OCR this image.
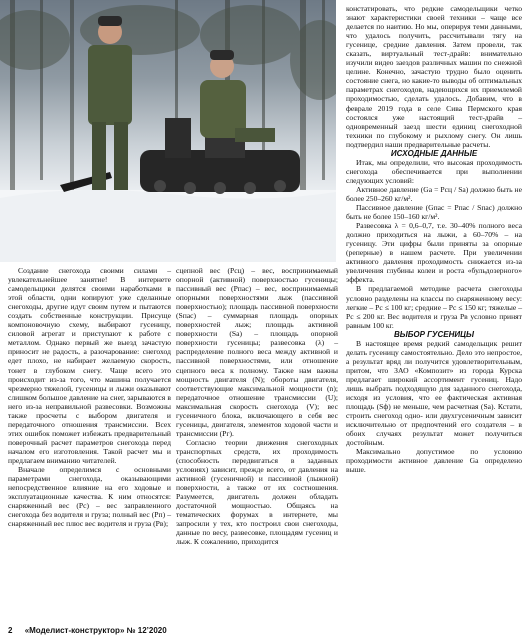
Создание снегохода своими силами – увлекательнейшее занятие! В интернете самодельщики делятся своими наработками в этой области, одни копируют уже сделанные снегоходы, другие идут своим путем и пытаются создать собственные конструкции. Присуще компоновочную схему, выбирают гусеницу, силовой агрегат и приступают к работе с металлом. Однако первый же выезд зачастую приносит не радость, а разочарование: снегоход едет плохо, не набирает желаемую скорость, тонет в глубоком снегу. Чаще всего это происходит из-за того, что машина получается чрезмерно тяжелой, гусеницы и лыжи оказывают слишком большое давление на снег, зарываются в него из-за неправильной развесовки. Возможны также просчеты с выбором двигателя и передаточного отношения трансмиссии. Всех этих ошибок поможет избежать предварительный поверочный расчет параметров снегохода перед началом его изготовления. Такой расчет мы и предлагаем вниманию читателей.

Вначале определимся с основными параметрами снегохода, оказывающими непосредственное влияние на его ходовые и эксплуатационные качества. К ним относятся: снаряженный вес (Pс) – вес заправленного снегохода без водителя и груза; полный вес (Pп) – снаряженный вес плюс вес водителя и груза (Pв);

сцепной вес (Pсц) – вес, воспринимаемый опорной (активной) поверхностью гусеницы; пассивный вес (Pпас) – вес, воспринимаемый опорными поверхностями лыж (пассивной поверхностью); площадь пассивной поверхности (Sпас) – суммарная площадь опорных поверхностей лыж; площадь активной поверхности (Sa) – площадь опорной поверхности гусеницы; развесовка (λ) – распределение полного веса между активной и пассивной поверхностями, или отношение сцепного веса к полному. Также нам важны мощность двигателя (N); обороты двигателя, соответствующие максимальной мощности (n); передаточное отношение трансмиссии (U); максимальная скорость снегохода (V); вес гусеничного блока, включающего в себя вес гусеницы, двигателя, элементов ходовой части и трансмиссии (Pг).

Согласно теории движения снегоходных транспортных средств, их проходимость (способность передвигаться в заданных условиях) зависит, прежде всего, от давления на активной (гусеничной) и пассивной (лыжной) поверхности, а также от их состношения. Разумеется, двигатель должен обладать достаточной мощностью. Общаясь на тематических форумах в интернете, мы запросили у тех, кто построил свои снегоходы, данные по весу, развесовке, площадям гусениц и лыж. К сожалению, приходится

констатировать, что редкие самодельщики четко знают характеристики своей техники – чаще все делается по наитию. Но мы, оперируя теми данными, что удалось получить, рассчитывали тягу на гусенице, средние давления. Затем провели, так сказать, виртуальный тест-драйв: внимательно изучили видео заездов различных машин по снежной целине. Конечно, зачастую трудно было оценить состояние снега, но какие-то выводы об оптимальных параметрах снегоходов, надеющихся их приемлемой проходимостью, сделать удалось. Добавим, что в феврале 2019 года в селе Сива Пермского края состоялся уже настоящий тест-драйв – одновременный заезд шести единиц снегоходной техники по глубокому и рыхлому снегу. Он лишь подтвердил наши предварительные расчеты.

ИСХОДНЫЕ ДАННЫЕ

Итак, мы определили, что высокая проходимость снегохода обеспечивается при выполнении следующих условий:

Активное давление (Ga = Pсц / Sa) должно быть не более 250–260 кг/м².

Пассивное давление (Gпас = Pпас / Sпас) должно быть не более 150–160 кг/м².

Развесовка λ = 0,6–0,7, т.е. 30–40% полного веса должно приходиться на лыжи, а 60–70% – на гусеницу. Эти цифры были приняты за опорные (реперные) в нашем расчете. При увеличении активного давления проходимость снижается из-за увеличения глубины колеи и роста «бульдозерного» эффекта.

В предлагаемой методике расчета снегоходы условно разделены на классы по снаряженному весу: легкие – Pс ≤ 100 кг; средние – Pс ≤ 150 кг; тяжелые – Pс ≤ 200 кг. Вес водителя и груза Pв условно принят равным 100 кг.

ВЫБОР ГУСЕНИЦЫ

В настоящее время редкий самодельщик решит делать гусеницу самостоятельно. Дело это непростое, а результат вряд ли получится удовлетворительным, притом, что ЗАО «Композит» из города Курска предлагает широкий ассортимент гусениц. Надо лишь выбрать подходящую для заданного снегохода, исходя из условия, что ее фактическая активная площадь (Sф) не меньше, чем расчетная (Sa). Кстати, строить снегоход одно- или двухгусеничным зависит исключительно от предпочтений его создателя – в обоих случаях результат может получиться достойным.

Максимально допустимое по условию проходимости активное давление Ga определено выше.

2 «Моделист-конструктор» № 12’2020
